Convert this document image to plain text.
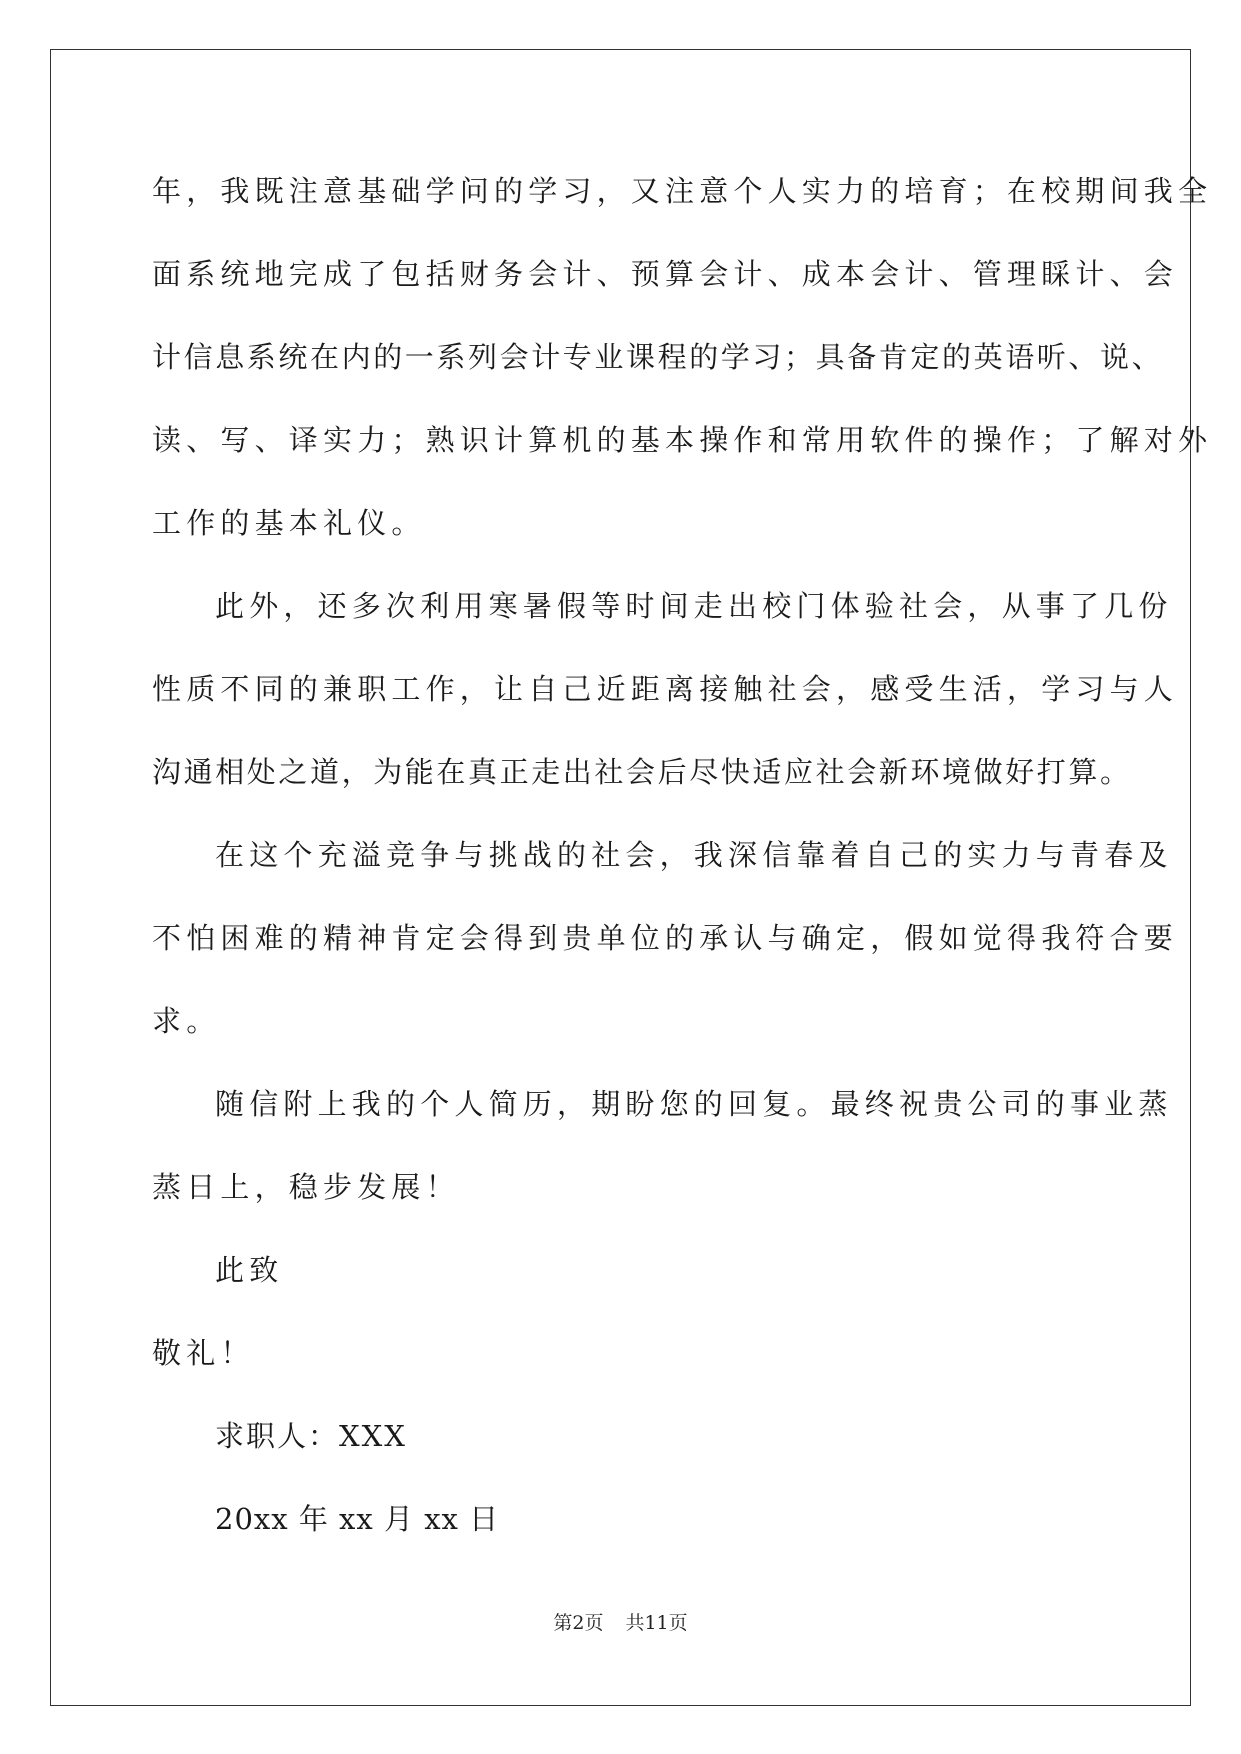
年，我既注意基础学问的学习，又注意个人实力的培育；在校期间我全
面系统地完成了包括财务会计、预算会计、成本会计、管理睬计、会
计信息系统在内的一系列会计专业课程的学习；具备肯定的英语听、说、
读、写、译实力；熟识计算机的基本操作和常用软件的操作；了解对外
工作的基本礼仪。
此外，还多次利用寒暑假等时间走出校门体验社会，从事了几份
性质不同的兼职工作，让自己近距离接触社会，感受生活，学习与人
沟通相处之道，为能在真正走出社会后尽快适应社会新环境做好打算。
在这个充溢竞争与挑战的社会，我深信靠着自己的实力与青春及
不怕困难的精神肯定会得到贵单位的承认与确定，假如觉得我符合要
求。
随信附上我的个人简历，期盼您的回复。最终祝贵公司的事业蒸
蒸日上，稳步发展！
此致
敬礼！
求职人：XXX
20xx 年 xx 月 xx 日
第2页 共11页
